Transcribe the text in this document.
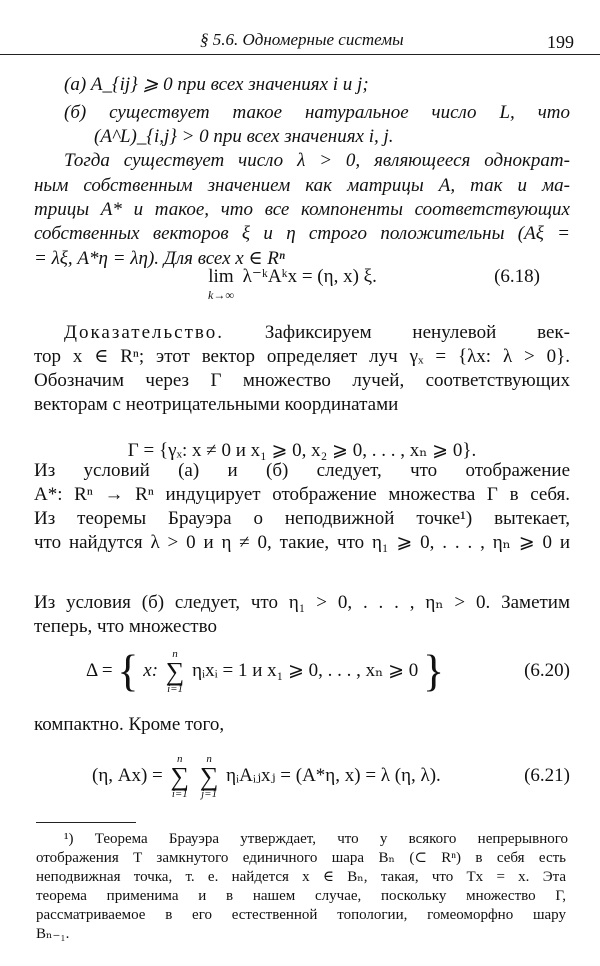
§ 5.6. Одномерные системы	199
(а) A_{ij} ⩾ 0 при всех значениях i и j;
(б) существует такое натуральное число L, что
(A^L)_{i,j} > 0 при всех значениях i, j.
Тогда существует число λ > 0, являющееся однократ-
ным собственным значением как матрицы A, так и ма-
трицы A* и такое, что все компоненты соответствующих
собственных векторов ξ и η строго положительны (Aξ =
= λξ, A*η = λη). Для всех x ∈ Rⁿ
lim
k→∞
λ⁻ᵏAᵏx = (η, x) ξ.	(6.18)
Доказательство. Зафиксируем ненулевой век-
тор x ∈ Rⁿ; этот вектор определяет луч γₓ = {λx: λ > 0}.
Обозначим через Γ множество лучей, соответствующих
векторам с неотрицательными координатами
Γ = {γₓ: x ≠ 0 и x₁ ⩾ 0, x₂ ⩾ 0, . . . , xₙ ⩾ 0}.
Из условий (а) и (б) следует, что отображение
A*: Rⁿ → Rⁿ индуцирует отображение множества Γ в себя.
Из теоремы Брауэра о неподвижной точке¹) вытекает,
что найдутся λ > 0 и η ≠ 0, такие, что η₁ ⩾ 0, . . . , ηₙ ⩾ 0 и
Из условия (б) следует, что η₁ > 0, . . . , ηₙ > 0. Заметим
теперь, что множество
Δ = { x:
n
∑
i=1
ηᵢxᵢ = 1 и x₁ ⩾ 0, . . . , xₙ ⩾ 0 }	(6.20)
компактно. Кроме того,
(η, Ax) =
n
∑
i=1

n
∑
j=1
ηᵢAᵢⱼxⱼ = (A*η, x) = λ (η, λ).	(6.21)
¹) Теорема Брауэра утверждает, что у всякого непрерывного
отображения T замкнутого единичного шара Bₙ (⊂ Rⁿ) в себя есть
неподвижная точка, т. е. найдется x ∈ Bₙ, такая, что Tx = x. Эта
теорема применима и в нашем случае, поскольку множество Γ,
рассматриваемое в его естественной топологии, гомеоморфно шару
Bₙ₋₁.
